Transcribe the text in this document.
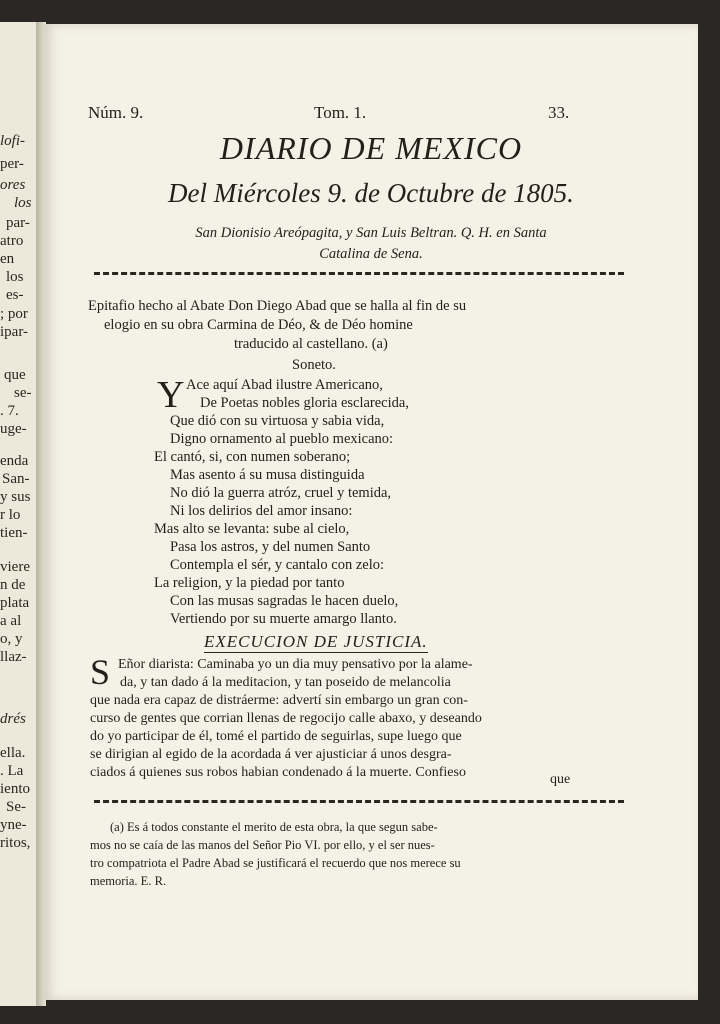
lofi-
per-
ores
los
par-
atro
en
los
es-
; por
ipar-
que
se-
. 7.
uge-
enda
San-
y sus
r lo
tien-
viere
n de
plata
a al
o, y
llaz-
drés
ella.
. La
iento
Se-
yne-
ritos,
Núm. 9.	Tom. 1.	33.
DIARIO DE MEXICO
Del Miércoles 9. de Octubre de 1805.
San Dionisio Areópagita, y San Luis Beltran. Q. H. en Santa
Catalina de Sena.
Epitafio hecho al Abate Don Diego Abad que se halla al fin de su
elogio en su obra Carmina de Déo, & de Déo homine
traducido al castellano. (a)
Soneto.
Y Ace aquí Abad ilustre Americano,
De Poetas nobles gloria esclarecida,
Que dió con su virtuosa y sabia vida,
Digno ornamento al pueblo mexicano:
El cantó, si, con numen soberano;
Mas asento á su musa distinguida
No dió la guerra atróz, cruel y temida,
Ni los delirios del amor insano:
Mas alto se levanta: sube al cielo,
Pasa los astros, y del numen Santo
Contempla el sér, y cantalo con zelo:
La religion, y la piedad por tanto
Con las musas sagradas le hacen duelo,
Vertiendo por su muerte amargo llanto.
EXECUCION DE JUSTICIA.
S Eñor diarista: Caminaba yo un dia muy pensativo por la alame-
da, y tan dado á la meditacion, y tan poseido de melancolia
que nada era capaz de distráerme: advertí sin embargo un gran con-
curso de gentes que corrian llenas de regocijo calle abaxo, y deseando
do yo participar de él, tomé el partido de seguirlas, supe luego que
se dirigian al egido de la acordada á ver ajusticiar á unos desgra-
ciados á quienes sus robos habian condenado á la muerte. Confieso	que
(a) Es á todos constante el merito de esta obra, la que segun sabe-
mos no se caía de las manos del Señor Pio VI. por ello, y el ser nues-
tro compatriota el Padre Abad se justificará el recuerdo que nos merece su
memoria. E. R.
